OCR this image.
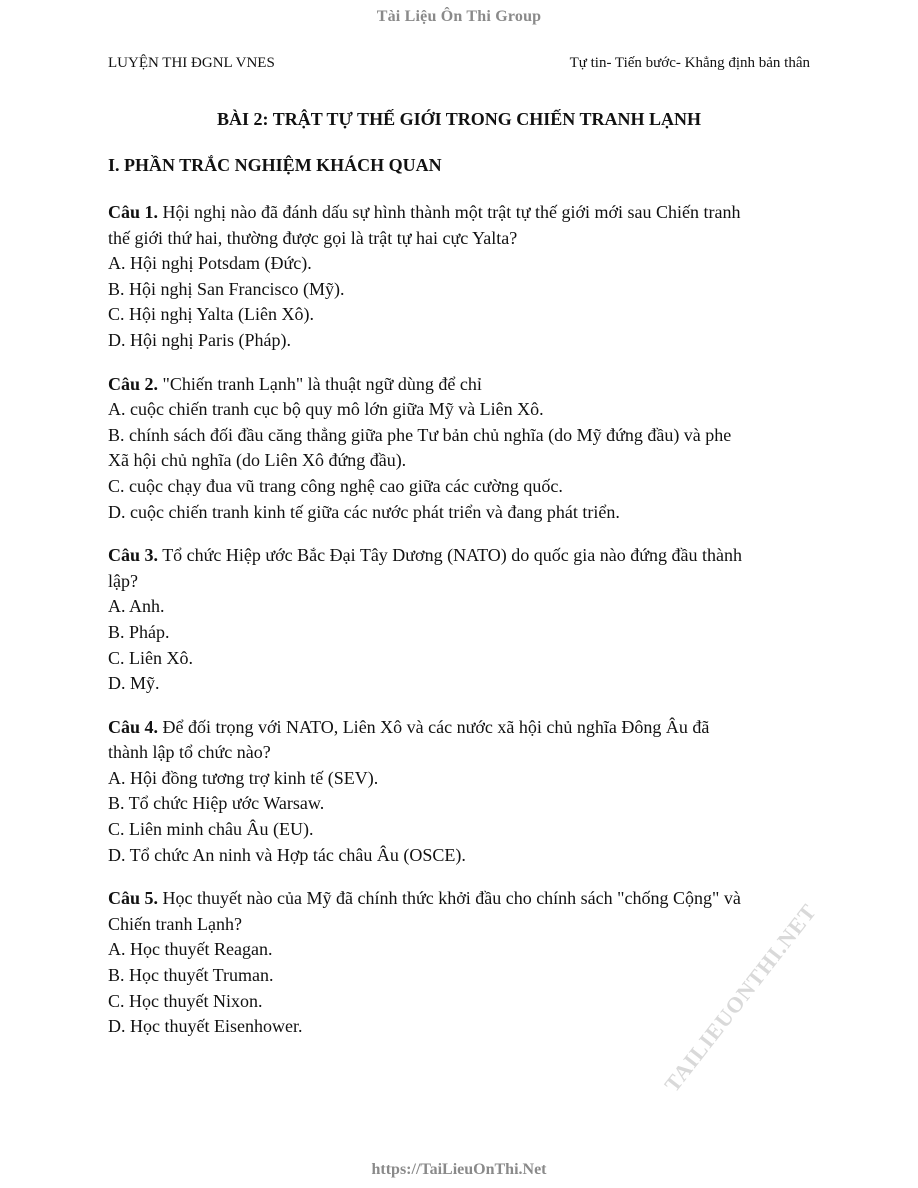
Tài Liệu Ôn Thi Group
LUYỆN THI ĐGNL VNES	Tự tin- Tiến bước- Khẳng định bản thân
BÀI 2: TRẬT TỰ THẾ GIỚI TRONG CHIẾN TRANH LẠNH
I. PHẦN TRẮC NGHIỆM KHÁCH QUAN
Câu 1. Hội nghị nào đã đánh dấu sự hình thành một trật tự thế giới mới sau Chiến tranh
thế giới thứ hai, thường được gọi là trật tự hai cực Yalta?
A. Hội nghị Potsdam (Đức).
B. Hội nghị San Francisco (Mỹ).
C. Hội nghị Yalta (Liên Xô).
D. Hội nghị Paris (Pháp).
Câu 2. "Chiến tranh Lạnh" là thuật ngữ dùng để chỉ
A. cuộc chiến tranh cục bộ quy mô lớn giữa Mỹ và Liên Xô.
B. chính sách đối đầu căng thẳng giữa phe Tư bản chủ nghĩa (do Mỹ đứng đầu) và phe
Xã hội chủ nghĩa (do Liên Xô đứng đầu).
C. cuộc chạy đua vũ trang công nghệ cao giữa các cường quốc.
D. cuộc chiến tranh kinh tế giữa các nước phát triển và đang phát triển.
Câu 3. Tổ chức Hiệp ước Bắc Đại Tây Dương (NATO) do quốc gia nào đứng đầu thành
lập?
A. Anh.
B. Pháp.
C. Liên Xô.
D. Mỹ.
Câu 4. Để đối trọng với NATO, Liên Xô và các nước xã hội chủ nghĩa Đông Âu đã
thành lập tổ chức nào?
A. Hội đồng tương trợ kinh tế (SEV).
B. Tổ chức Hiệp ước Warsaw.
C. Liên minh châu Âu (EU).
D. Tổ chức An ninh và Hợp tác châu Âu (OSCE).
Câu 5. Học thuyết nào của Mỹ đã chính thức khởi đầu cho chính sách "chống Cộng" và
Chiến tranh Lạnh?
A. Học thuyết Reagan.
B. Học thuyết Truman.
C. Học thuyết Nixon.
D. Học thuyết Eisenhower.	TAILIEUONTHI.NET
https://TaiLieuOnThi.Net
